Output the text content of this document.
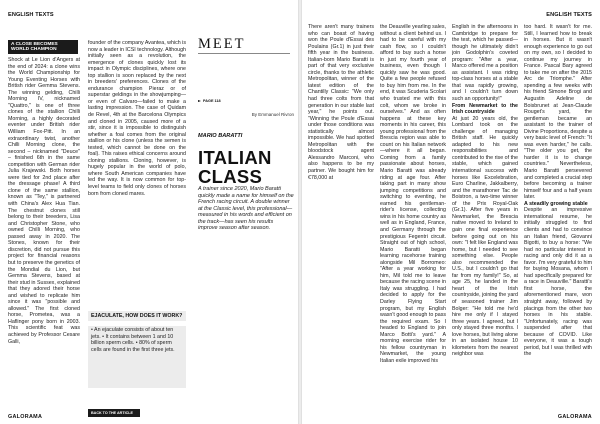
ENGLISH TEXTS
A CLOSE BECOMES WORLD CHAMPION

Shock at Le Lion d'Angers at the end of 2024: a clone wins the World Championship for Young Eventing Horses with British rider Gemma Stevens. The winning gelding, Chilli Morning IV, nicknamed "Quattro," is one of three clones of the stallion Chilli Morning, a highly decorated eventer under British rider William Fox-Pitt. In an extraordinary twist, another Chilli Morning clone, the second – nicknamed "Deuce" – finished 6th in the same competition with German rider Julia Krajewski. Both horses were tied for 2nd place after the dressage phase! A third clone of the same stallion, known as "Tey," is partnered with China's Alex Hua Tian. The chestnut clones still belong to their breeders, Lisa and Christopher Stone, who owned Chilli Morning, who passed away in 2020. The Stones, known for their discretion, did not pursue this project for financial reasons but to preserve the genetics of the Mondial du Lion, but Gemma Stevens, based at their stud in Sussex, explained that they adored their horse and wished to replicate him since it was "possible and allowed." The first cloned horse, Prometea, was a Haflinger pony born in 2003. This scientific feat was achieved by Professor Cesare Galli,

founder of the company Avantea, which is now a leader in ICSI technology. Although initially seen as a revolution, the emergence of clones quickly lost its impact in Olympic disciplines, where one top stallion is soon replaced by the next in breeders' preferences. Clones of the endurance champion Pieraz or of superstar geldings in the showjumping—or even of Calvaro—failed to make a lasting impression. The case of Quidam de Revel, 4th at the Barcelona Olympics and cloned in 2005, caused more of a stir, since it is impossible to distinguish whether a foal comes from the original stallion or his clone (unless the semen is tested, which cannot be done on the foal). This raises ethical concerns around cloning stallions. Cloning, however, is hugely popular in the world of polo, where South American companies have led the way. It is now common for top-level teams to field only clones of horses born from cloned mares.

EJACULATE, HOW DOES IT WORK?
• An ejaculate consists of about ten jets. • It contains between 1 and 10 billion sperm cells. • 80% of sperm cells are found in the first three jets.
BACK TO THE ARTICLE
MEET
PAGE 118
By Emmanuel Rivron
MARIO BARATTI
ITALIAN
CLASS
A trainer since 2020, Mario Baratti quickly made a name for himself on the French racing circuit. A double winner at the Classic level, this professional—measured in his words and efficient on the track—has seen his results improve season after season.
GALORAMA
ENGLISH TEXTS

There aren't many trainers who can boast of having won the Poule d'Essai des Poulains (Gr.1) in just their fifth year in the business. Italian-born Mario Baratti is part of that very exclusive circle, thanks to the athletic Metropolitan, winner of the latest edition of the Chantilly Classic: "We only had three colts from that generation in our stable last year," he points out. "Winning the Poule d'Essai under those conditions was statistically almost impossible. We had spotted Metropolitan with the bloodstock agent Alessandro Marconi, who also happens to be my partner. We bought him for €78,000 at

the Deauville yearling sales, without a client behind us. I had to be careful with my cash flow, so I couldn't afford to buy such a horse in just my fourth year of business, even though I quickly saw he was good. Quite a few people refused to buy him from me. In the end, it was Scuderia Scolari who trusted me with this colt, whom we broke in ourselves." And as often happens at these key moments in his career, this young professional from the Brescia region was able to count on his Italian network—where it all began. Coming from a family passionate about horses, Mario Baratti was already riding at age four. After taking part in many show jumping competitions and switching to eventing, he earned his gentleman-rider's license, collecting wins in his home country as well as in England, France, and Germany through the prestigious Fegentri circuit. Straight out of high school, Mario Baratti began learning racehorse training alongside Mil Borromeo: "After a year working for him, Mil told me to leave because the racing scene in Italy was struggling. I had decided to apply for the Darley Flying Start program, but my English wasn't good enough to pass the required exam. So I headed to England to join Marco Botti's yard." A morning exercise rider for his fellow countryman in Newmarket, the young Italian exile improved his

English in the afternoons in Cambridge to prepare for the test, which he passed—though he ultimately didn't join Godolphin's coveted program: "After a year, Marco offered me a position as assistant. I was riding top-class horses at a stable that was rapidly growing, and I couldn't turn down such an opportunity!"

From Newmarket to the Irish countryside

At just 20 years old, the Lombard took on the challenge of managing British staff. He quickly adapted to his new responsibilities and contributed to the rise of the stable, which gained international success with horses like Excelebration, Euro Charline, Jakkalberry, and the marathoner Tac de Boistron, a two-time winner of the Prix Royal-Oak (Gr.1). After five years in Newmarket, the Brescia native moved to Ireland to gain one final experience before going out on his own: "I felt like England was home, but I needed to see something else. People also recommended the U.S., but I couldn't go that far from my family!" So, at age 25, he landed in the heart of the Irish countryside, joining the yard of seasoned trainer Jim Bolger: "He told me he'd hire me only if I stayed three years. I agreed, but I only stayed three months. I love horses, but living alone in an isolated house 10 kilometers from the nearest neighbor was

too hard. It wasn't for me. Still, I learned how to break in horses. But it wasn't enough experience to go out on my own, so I decided to continue my journey in France. Pascal Bary agreed to take me on after the 2015 Arc de Triomphe." After spending a few weeks with his friend Simone Brogi and Augustin Adeline de Boisbrunet at Jean-Claude Rouget's yard, the gentleman became an assistant to the trainer of Divine Proportions, despite a very basic level of French: "It was even harder," he calls. "The older you get, the harder it is to change countries." Nevertheless, Mario Baratti persevered and completed a crucial step before becoming a trainer himself four and a half years later.

A steadily growing stable

Despite an impressive international resume, he initially struggled to find clients and had to convince an Italian friend, Giovanni Bigotti, to buy a horse: "We had no particular interest in racing and only did it as a favor. I'm very grateful to him for buying Mosana, whom I had specifically prepared for a race in Deauville." Baratti's first horse, the aforementioned mare, won straight away, followed by placings from the other two horses in his stable. "Unfortunately, racing was suspended after that because of COVID. Like everyone, it was a tough period, but I was thrilled with the

GALORAMA
